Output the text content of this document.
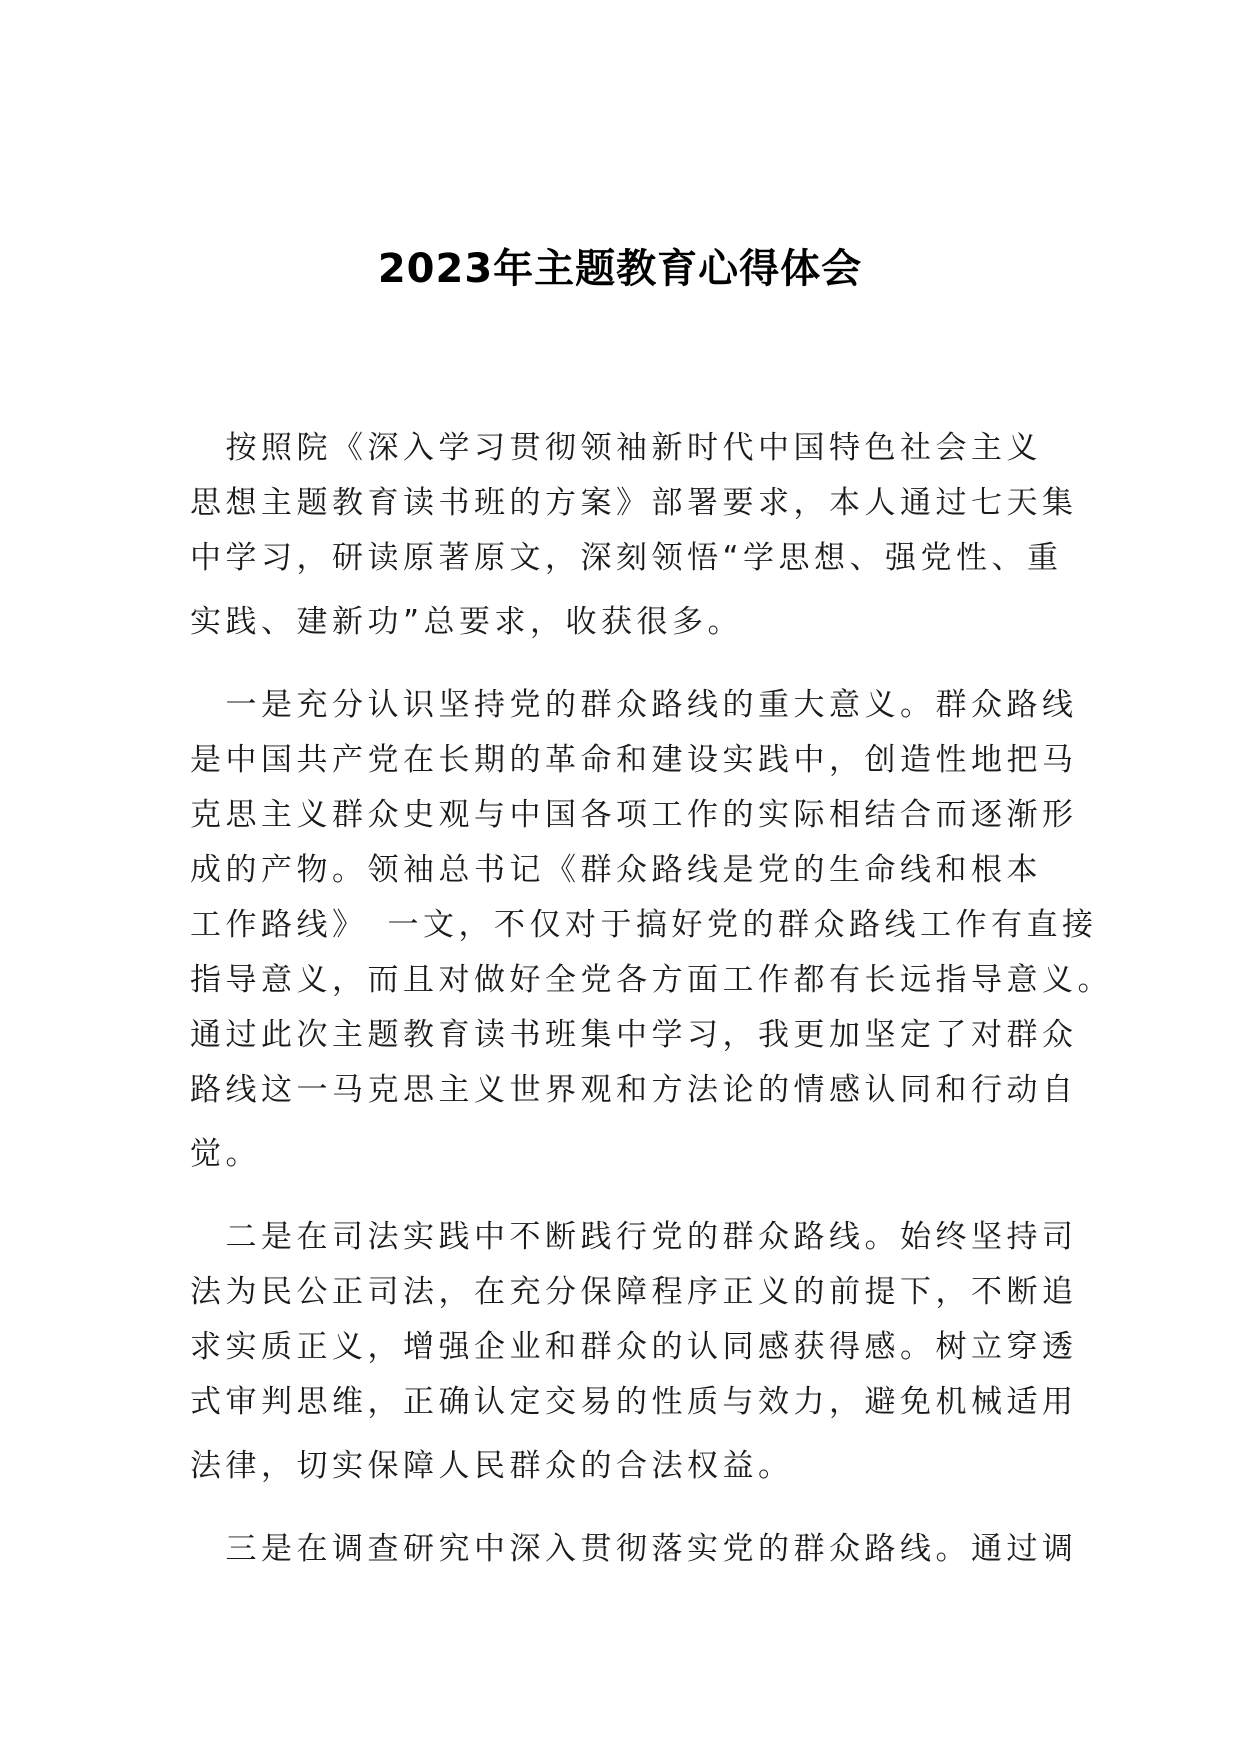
2023年主题教育心得体会
　按照院《深入学习贯彻领袖新时代中国特色社会主义
思想主题教育读书班的方案》部署要求，本人通过七天集
中学习，研读原著原文，深刻领悟“学思想、强党性、重
实践、建新功”总要求，收获很多。
　一是充分认识坚持党的群众路线的重大意义。群众路线
是中国共产党在长期的革命和建设实践中，创造性地把马
克思主义群众史观与中国各项工作的实际相结合而逐渐形
成的产物。领袖总书记《群众路线是党的生命线和根本
工作路线》　一文，不仅对于搞好党的群众路线工作有直接
指导意义，而且对做好全党各方面工作都有长远指导意义。
通过此次主题教育读书班集中学习，我更加坚定了对群众
路线这一马克思主义世界观和方法论的情感认同和行动自
觉。
　二是在司法实践中不断践行党的群众路线。始终坚持司
法为民公正司法，在充分保障程序正义的前提下，不断追
求实质正义，增强企业和群众的认同感获得感。树立穿透
式审判思维，正确认定交易的性质与效力，避免机械适用
法律，切实保障人民群众的合法权益。
　三是在调查研究中深入贯彻落实党的群众路线。通过调
